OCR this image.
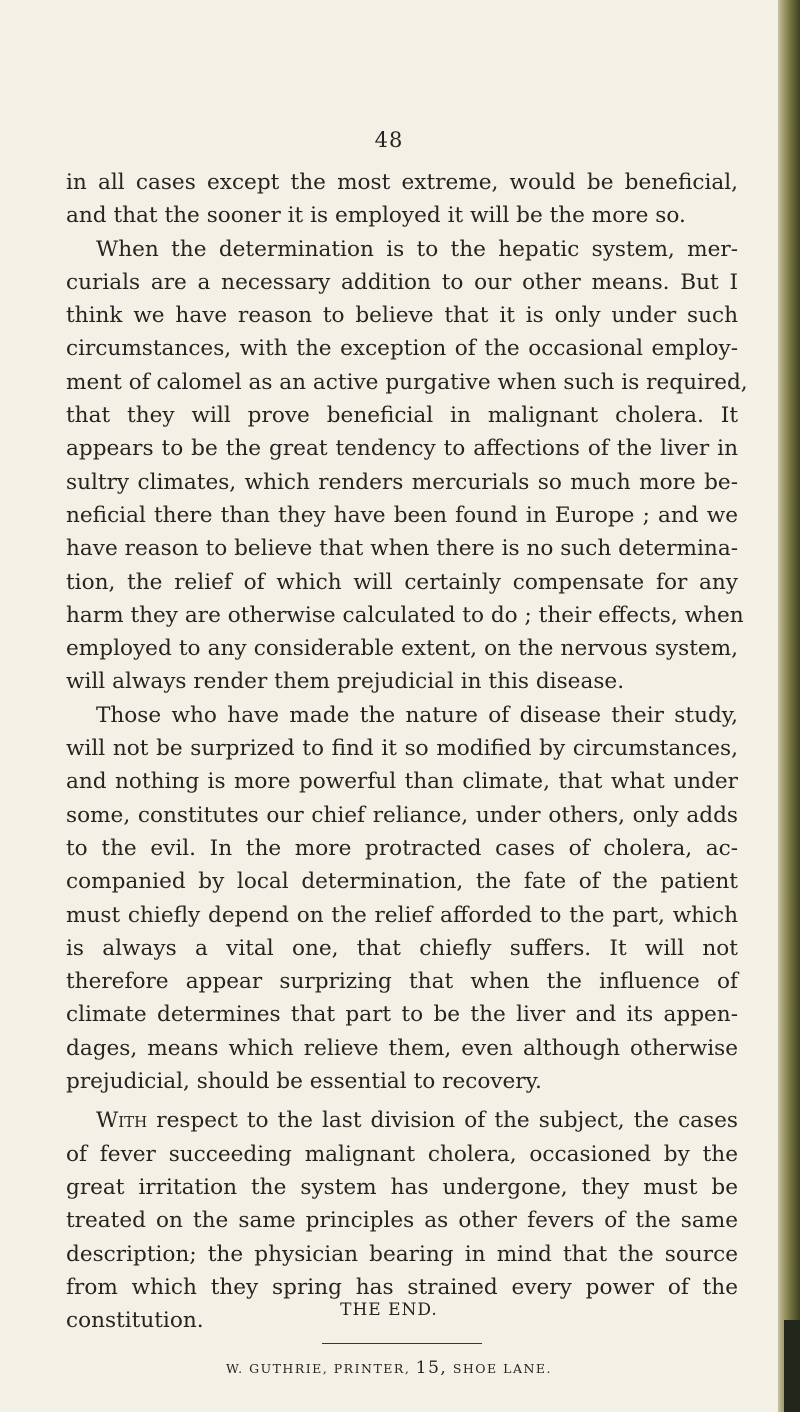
48
in all cases except the most extreme, would be beneficial,
and that the sooner it is employed it will be the more so.
When the determination is to the hepatic system, mer-
curials are a necessary addition to our other means. But I
think we have reason to believe that it is only under such
circumstances, with the exception of the occasional employ-
ment of calomel as an active purgative when such is required,
that they will prove beneficial in malignant cholera. It
appears to be the great tendency to affections of the liver in
sultry climates, which renders mercurials so much more be-
neficial there than they have been found in Europe ; and we
have reason to believe that when there is no such determina-
tion, the relief of which will certainly compensate for any
harm they are otherwise calculated to do ; their effects, when
employed to any considerable extent, on the nervous system,
will always render them prejudicial in this disease.
Those who have made the nature of disease their study,
will not be surprized to find it so modified by circumstances,
and nothing is more powerful than climate, that what under
some, constitutes our chief reliance, under others, only adds
to the evil. In the more protracted cases of cholera, ac-
companied by local determination, the fate of the patient
must chiefly depend on the relief afforded to the part, which
is always a vital one, that chiefly suffers. It will not
therefore appear surprizing that when the influence of
climate determines that part to be the liver and its appen-
dages, means which relieve them, even although otherwise
prejudicial, should be essential to recovery.
With respect to the last division of the subject, the cases
of fever succeeding malignant cholera, occasioned by the
great irritation the system has undergone, they must be
treated on the same principles as other fevers of the same
description; the physician bearing in mind that the source
from which they spring has strained every power of the
constitution.	THE END.
W. GUTHRIE, PRINTER, 15, SHOE LANE.
